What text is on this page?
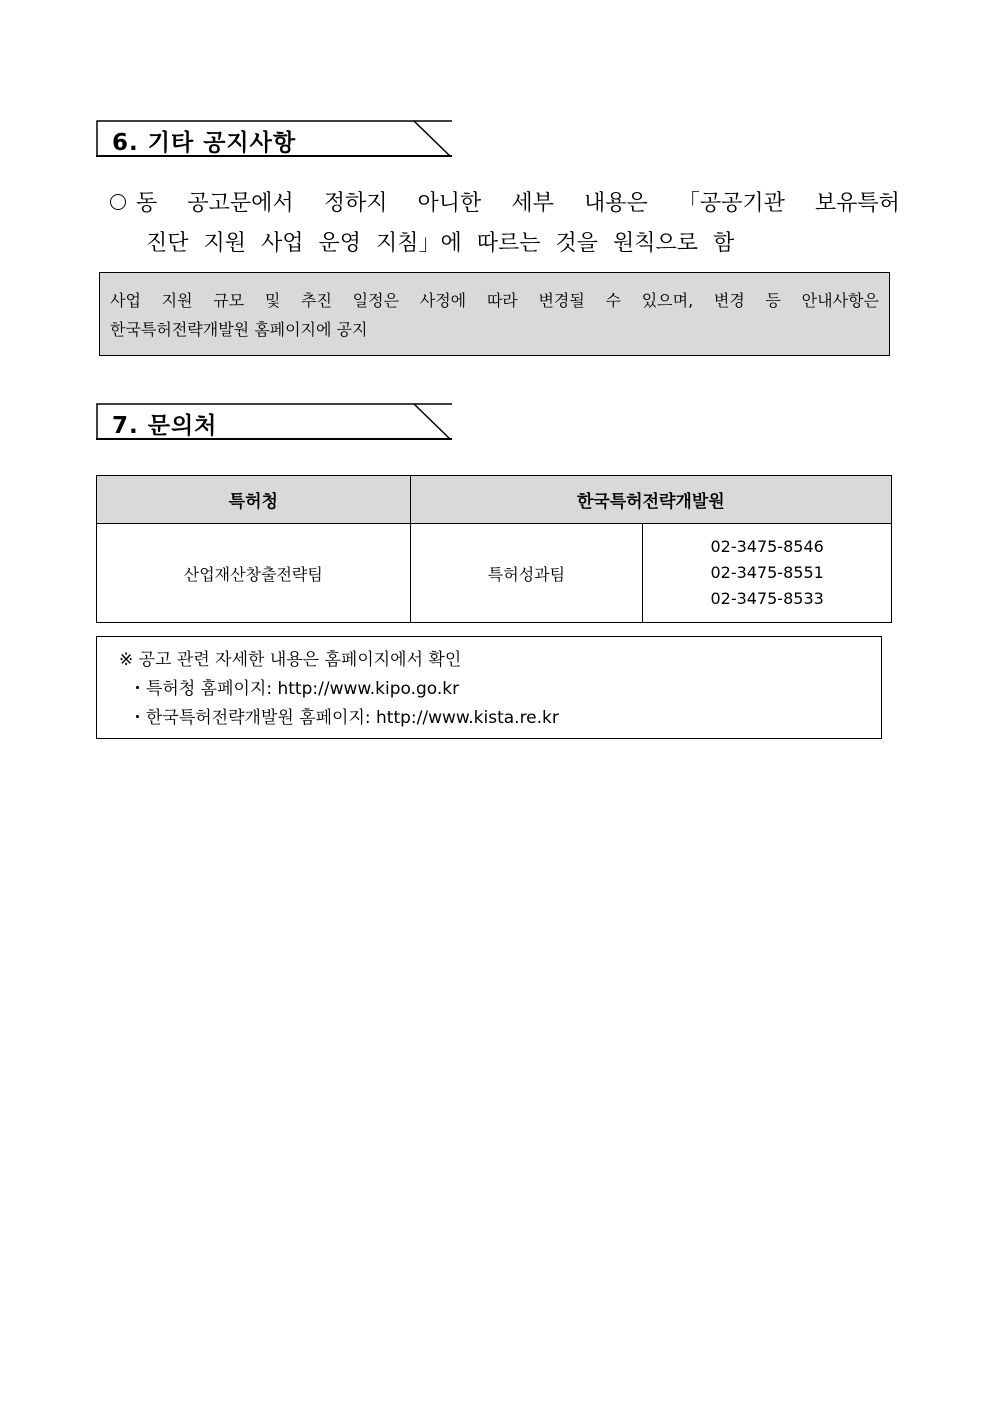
6. 기타 공지사항
동 공고문에서 정하지 아니한 세부 내용은 「공공기관 보유특허
진단 지원 사업 운영 지침」에 따르는 것을 원칙으로 함
사업 지원 규모 및 추진 일정은 사정에 따라 변경될 수 있으며, 변경 등 안내사항은
한국특허전략개발원 홈페이지에 공지
7. 문의처
특허청	한국특허전략개발원	
산업재산창출전략팀	특허성과팀	02-3475-8546
02-3475-8551
02-3475-8533
※ 공고 관련 자세한 내용은 홈페이지에서 확인
・특허청 홈페이지: http://www.kipo.go.kr
・한국특허전략개발원 홈페이지: http://www.kista.re.kr
